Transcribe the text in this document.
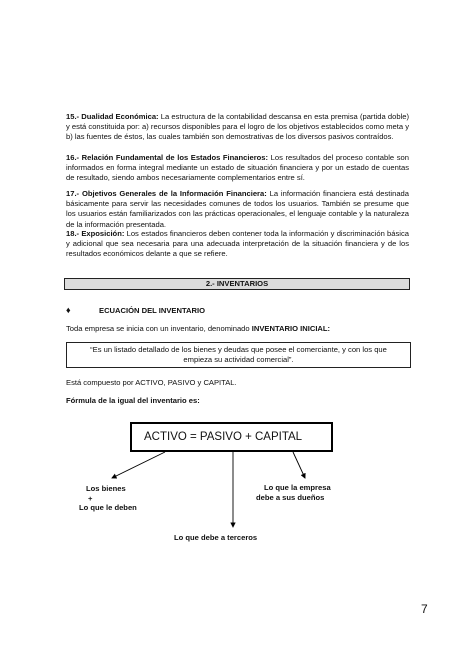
15.- Dualidad Económica: La estructura de la contabilidad descansa en esta premisa (partida doble) y está constituida por: a) recursos disponibles para el logro de los objetivos establecidos como meta y b) las fuentes de éstos, las cuales también son demostrativas de los diversos pasivos contraídos.

16.- Relación Fundamental de los Estados Financieros: Los resultados del proceso contable son informados en forma integral mediante un estado de situación financiera y por un estado de cuentas de resultado, siendo ambos necesariamente complementarios entre sí.

17.- Objetivos Generales de la Información Financiera: La información financiera está destinada básicamente para servir las necesidades comunes de todos los usuarios. También se presume que los usuarios están familiarizados con las prácticas operacionales, el lenguaje contable y la naturaleza de la información presentada.

18.- Exposición: Los estados financieros deben contener toda la información y discriminación básica y adicional que sea necesaria para una adecuada interpretación de la situación financiera y de los resultados económicos delante a que se refiere.

2.- INVENTARIOS
♦	ECUACIÓN DEL INVENTARIO
Toda empresa se inicia con un inventario, denominado INVENTARIO INICIAL:
“Es un listado detallado de los bienes y deudas que posee el comerciante, y con los que empieza su actividad comercial”.
Está compuesto por ACTIVO, PASIVO y CAPITAL.
Fórmula de la igual del inventario es:
ACTIVO = PASIVO + CAPITAL
Los bienes
+
Lo que le deben
Lo que la empresa
debe a sus dueños
Lo que debe a terceros
7
